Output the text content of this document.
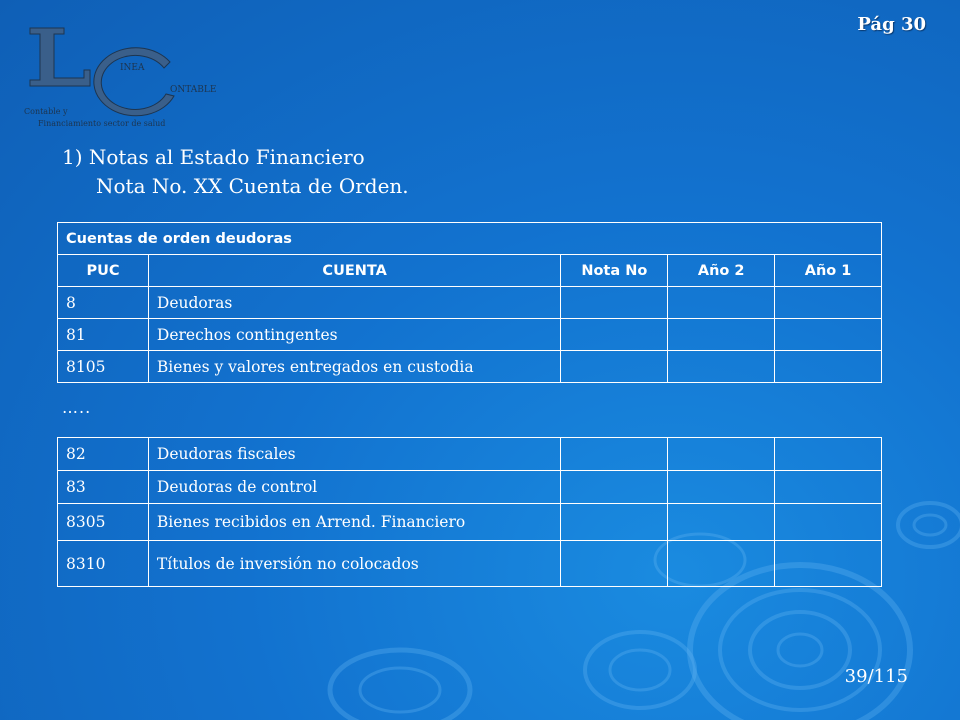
INEA
ONTABLE
Contable y
Financiamiento sector de salud
Pág 30
1) Notas al Estado Financiero
Nota No. XX Cuenta de Orden.
Cuentas de orden deudoras				
PUC	CUENTA	Nota No	Año 2	Año 1
8	Deudoras			
81	Derechos contingentes			
8105	Bienes y valores entregados en custodia			
…..
82	Deudoras fiscales			
83	Deudoras de control			
8305	Bienes recibidos en Arrend. Financiero			
8310	Títulos de inversión no colocados			
39/115
